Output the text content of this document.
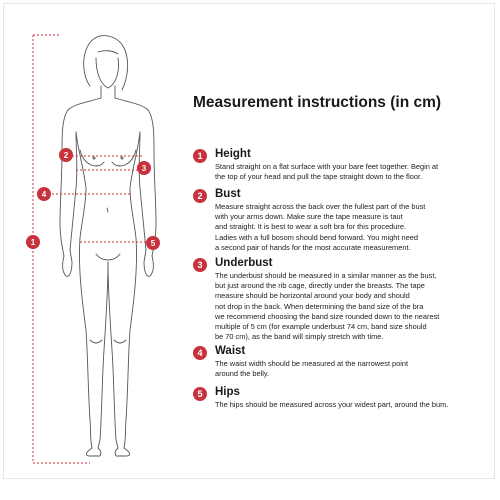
1
2
3
4
5
Measurement instructions (in cm)
1	Height
Stand straight on a flat surface with your bare feet together. Begin at
the top of your head and pull the tape straight down to the floor.
2	Bust
Measure straight across the back over the fullest part of the bust
with your arms down. Make sure the tape measure is taut
and straight. It is best to wear a soft bra for this procedure.
Ladies with a full bosom should bend forward. You might need
a second pair of hands for the most accurate measurement.
3	Underbust
The underbust should be measured in a similar manner as the bust,
but just around the rib cage, directly under the breasts. The tape
measure should be horizontal around your body and should
not drop in the back. When determining the band size of the bra
we recommend choosing the band size rounded down to the nearest
multiple of 5 cm (for example underbust 74 cm, band size should
be 70 cm), as the band will simply stretch with time.
4	Waist
The waist width should be measured at the narrowest point
around the belly.
5	Hips
The hips should be measured across your widest part, around the bum.
